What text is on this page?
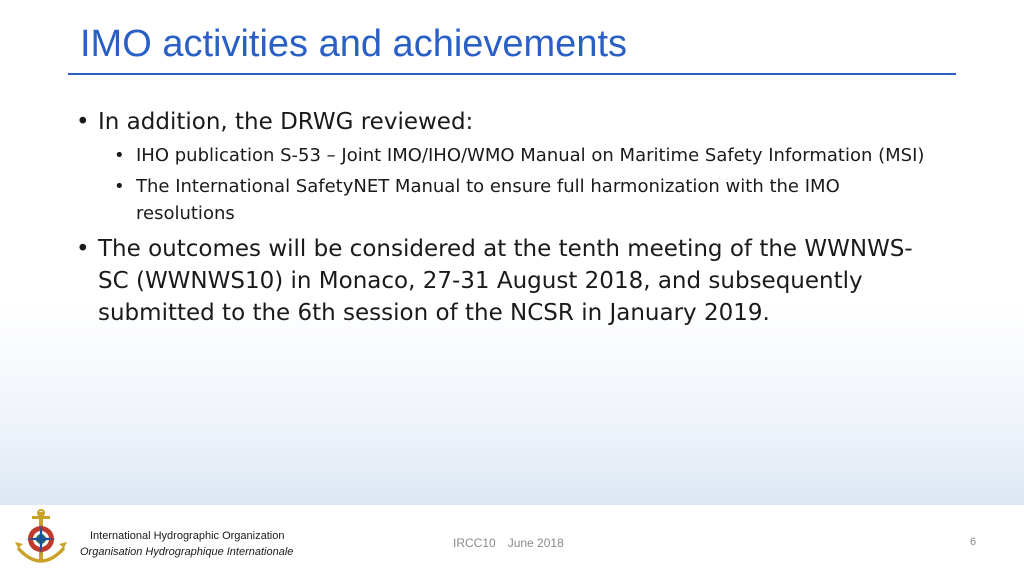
IMO activities and achievements
• In addition, the DRWG reviewed:
• IHO publication S-53 – Joint IMO/IHO/WMO Manual on Maritime Safety Information (MSI)
• The International SafetyNET Manual to ensure full harmonization with the IMO resolutions
• The outcomes will be considered at the tenth meeting of the WWNWS-SC (WWNWS10) in Monaco, 27-31 August 2018, and subsequently submitted to the 6th session of the NCSR in January 2019.
International Hydrographic Organization
Organisation Hydrographique Internationale
IRCC10 June 2018	6
